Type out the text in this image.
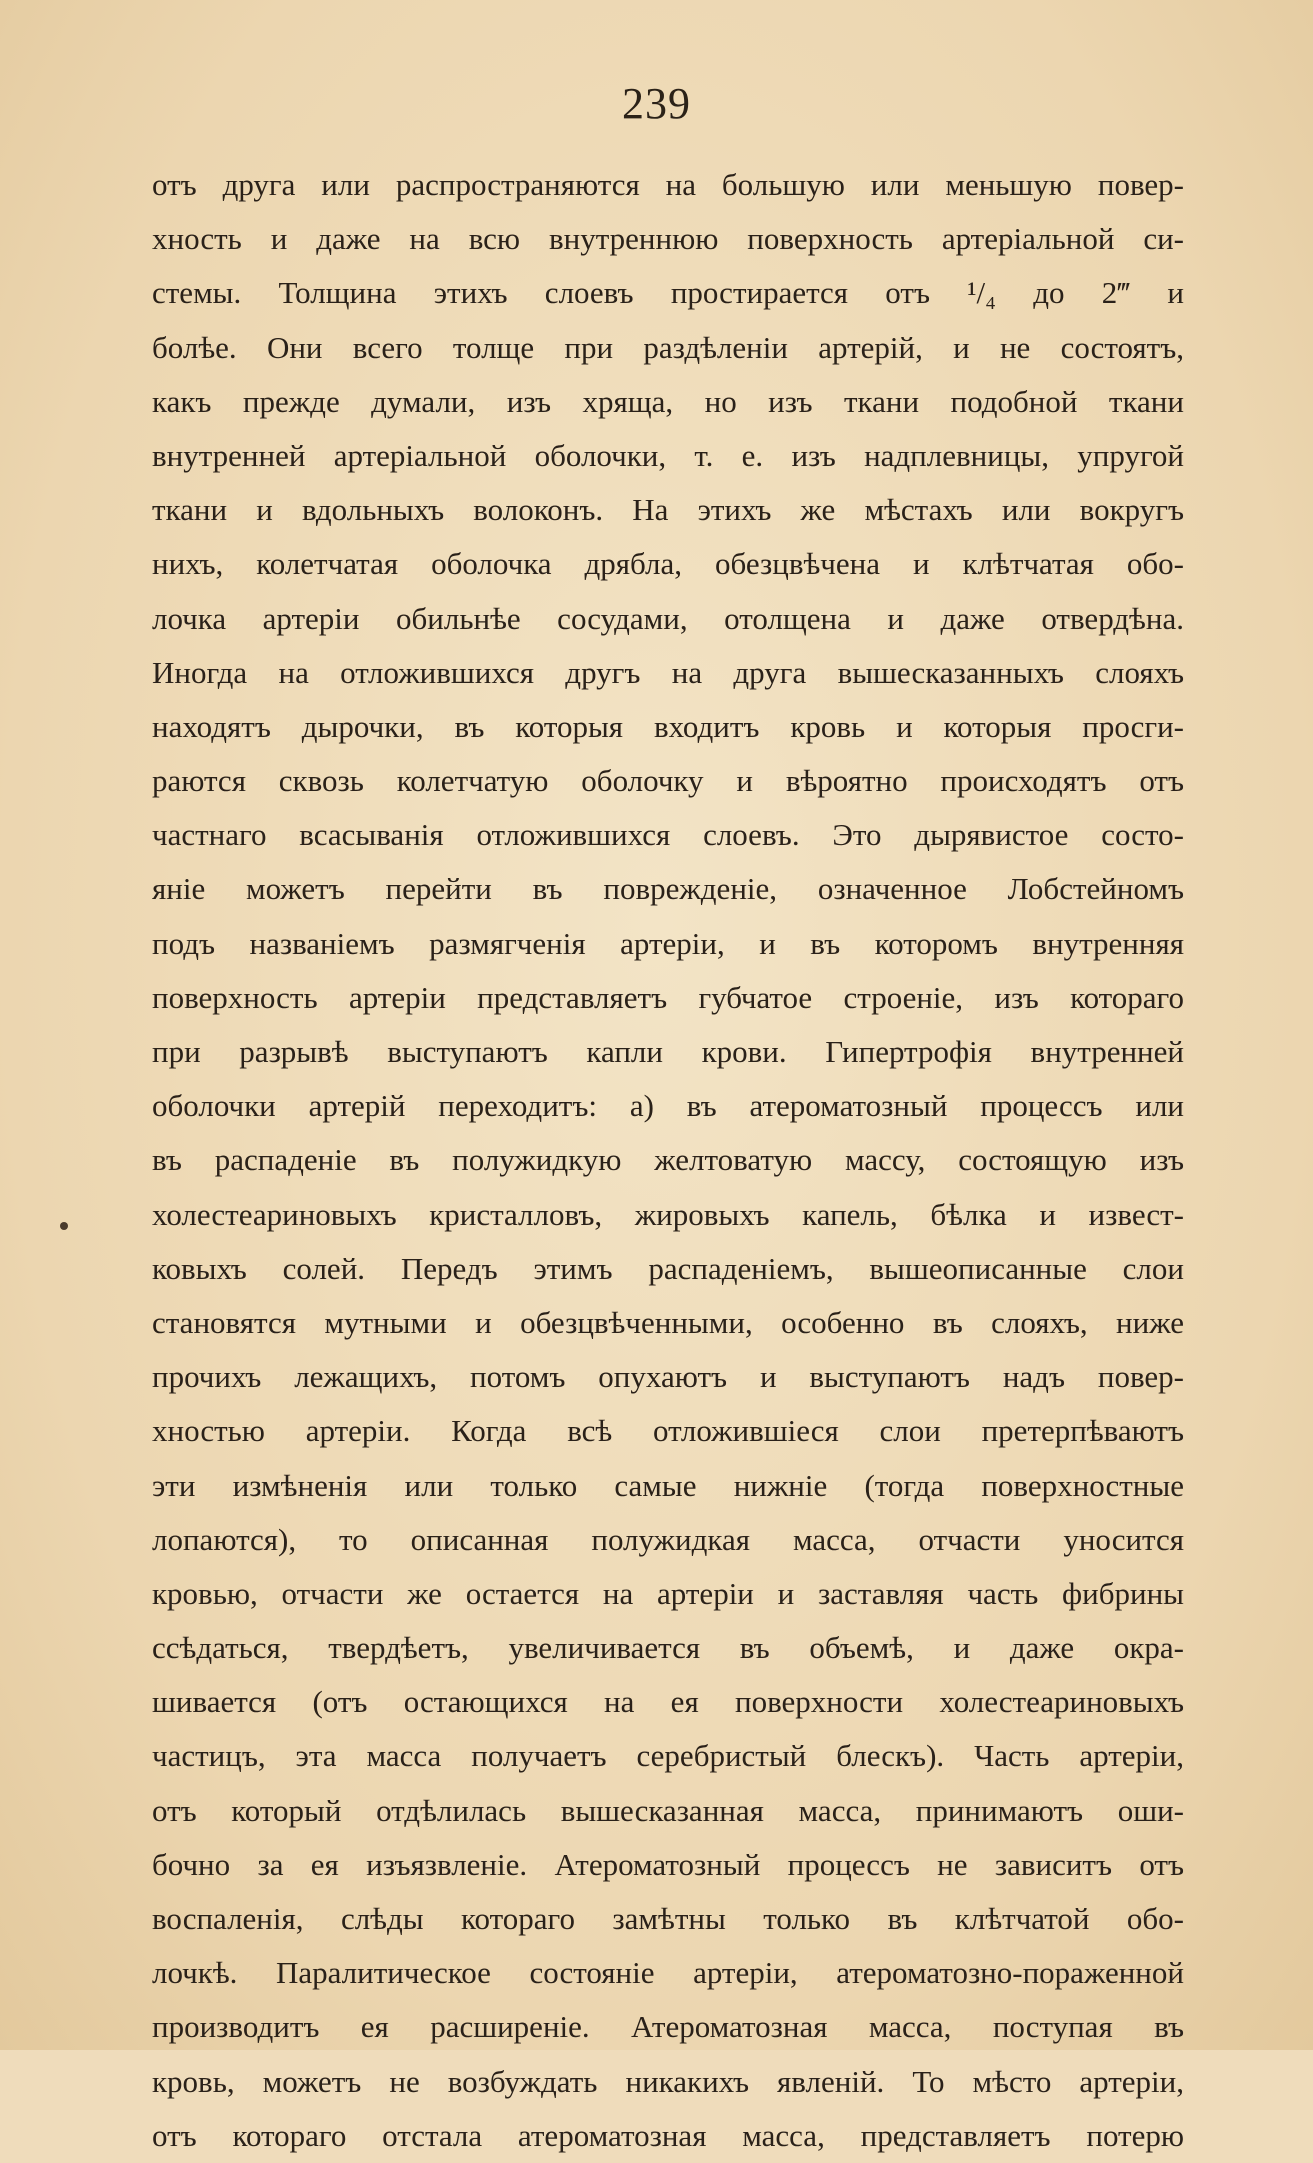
239
отъ друга или распространяются на большую или меньшую повер-
хность и даже на всю внутреннюю поверхность артеріальной си-
стемы. Толщина этихъ слоевъ простирается отъ ¹/₄ до 2‴ и
болѣе. Они всего толще при раздѣленіи артерій, и не состоятъ,
какъ прежде думали, изъ хряща, но изъ ткани подобной ткани
внутренней артеріальной оболочки, т. е. изъ надплевницы, упругой
ткани и вдольныхъ волоконъ. На этихъ же мѣстахъ или вокругъ
нихъ, колетчатая оболочка дрябла, обезцвѣчена и клѣтчатая обо-
лочка артеріи обильнѣе сосудами, отолщена и даже отвердѣна.
Иногда на отложившихся другъ на друга вышесказанныхъ слояхъ
находятъ дырочки, въ которыя входитъ кровь и которыя просги-
раются сквозь колетчатую оболочку и вѣроятно происходятъ отъ
частнаго всасыванія отложившихся слоевъ. Это дырявистое состо-
яніе можетъ перейти въ поврежденіе, означенное Лобстейномъ
подъ названіемъ размягченія артеріи, и въ которомъ внутренняя
поверхность артеріи представляетъ губчатое строеніе, изъ котораго
при разрывѣ выступаютъ капли крови. Гипертрофія внутренней
оболочки артерій переходитъ: а) въ атероматозный процессъ или
въ распаденіе въ полужидкую желтоватую массу, состоящую изъ
холестеариновыхъ кристалловъ, жировыхъ капель, бѣлка и извест-
ковыхъ солей. Передъ этимъ распаденіемъ, вышеописанные слои
становятся мутными и обезцвѣченными, особенно въ слояхъ, ниже
прочихъ лежащихъ, потомъ опухаютъ и выступаютъ надъ повер-
хностью артеріи. Когда всѣ отложившіеся слои претерпѣваютъ
эти измѣненія или только самые нижніе (тогда поверхностные
лопаются), то описанная полужидкая масса, отчасти уносится
кровью, отчасти же остается на артеріи и заставляя часть фибрины
ссѣдаться, твердѣетъ, увеличивается въ объемѣ, и даже окра-
шивается (отъ остающихся на ея поверхности холестеариновыхъ
частицъ, эта масса получаетъ серебристый блескъ). Часть артеріи,
отъ который отдѣлилась вышесказанная масса, принимаютъ оши-
бочно за ея изъязвленіе. Атероматозный процессъ не зависитъ отъ
воспаленія, слѣды котораго замѣтны только въ клѣтчатой обо-
лочкѣ. Паралитическое состояніе артеріи, атероматозно-пораженной
производитъ ея расширеніе. Атероматозная масса, поступая въ
кровь, можетъ не возбуждать никакихъ явленій. То мѣсто артеріи,
отъ котораго отстала атероматозная масса, представляетъ потерю
